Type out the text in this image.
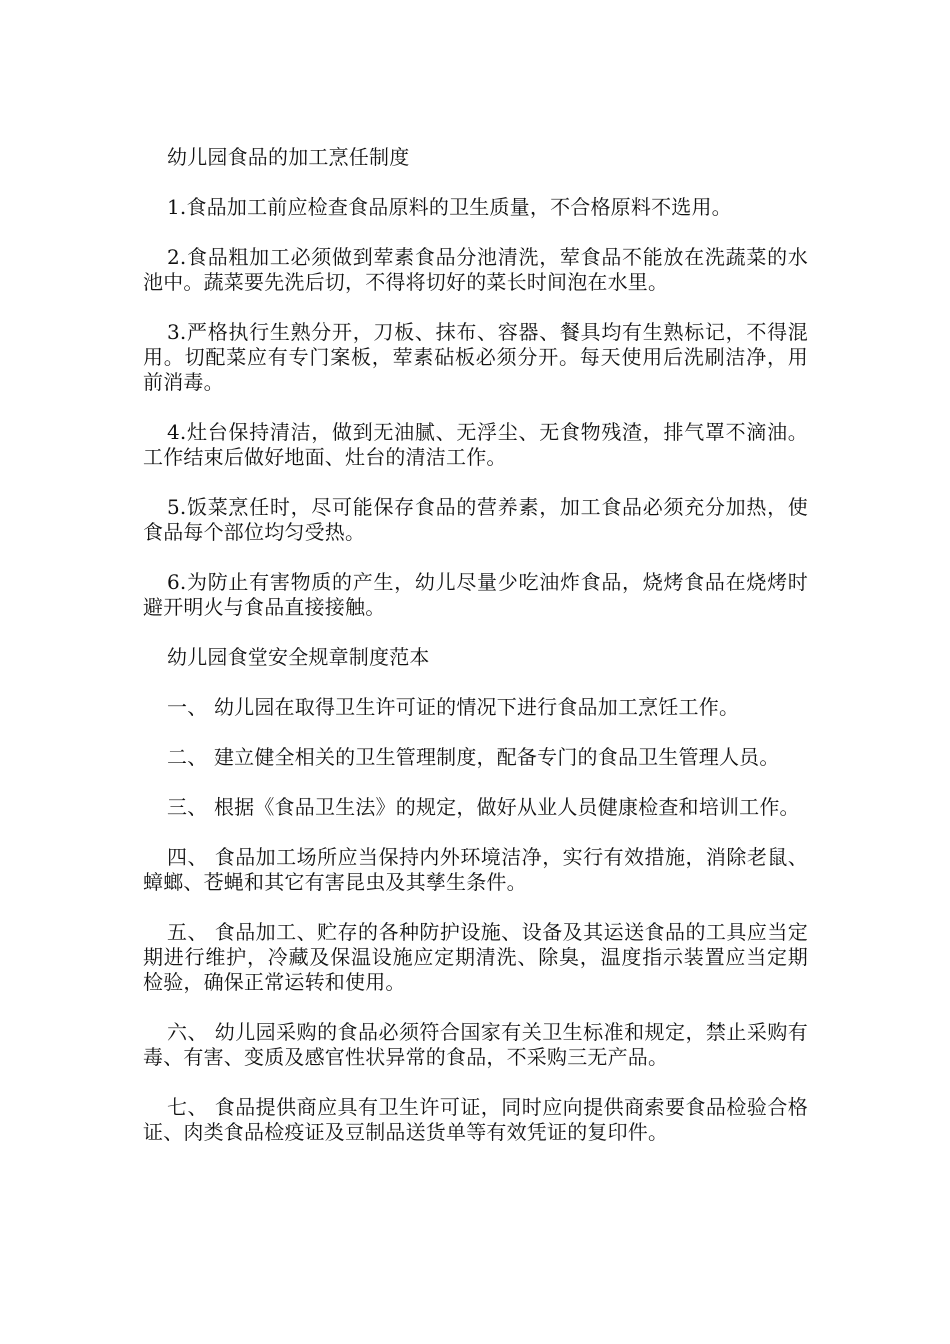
幼儿园食品的加工烹任制度

1.食品加工前应检查食品原料的卫生质量，不合格原料不选用。

2.食品粗加工必须做到荤素食品分池清洗，荤食品不能放在洗蔬菜的水池中。蔬菜要先洗后切，不得将切好的菜长时间泡在水里。

3.严格执行生熟分开，刀板、抹布、容器、餐具均有生熟标记，不得混用。切配菜应有专门案板，荤素砧板必须分开。每天使用后洗刷洁净，用前消毒。

4.灶台保持清洁，做到无油腻、无浮尘、无食物残渣，排气罩不滴油。工作结束后做好地面、灶台的清洁工作。

5.饭菜烹任时，尽可能保存食品的营养素，加工食品必须充分加热，使食品每个部位均匀受热。

6.为防止有害物质的产生，幼儿尽量少吃油炸食品，烧烤食品在烧烤时避开明火与食品直接接触。

幼儿园食堂安全规章制度范本

一、 幼儿园在取得卫生许可证的情况下进行食品加工烹饪工作。

二、 建立健全相关的卫生管理制度，配备专门的食品卫生管理人员。

三、 根据《食品卫生法》的规定，做好从业人员健康检查和培训工作。

四、 食品加工场所应当保持内外环境洁净，实行有效措施，消除老鼠、蟑螂、苍蝇和其它有害昆虫及其孳生条件。

五、 食品加工、贮存的各种防护设施、设备及其运送食品的工具应当定期进行维护，冷藏及保温设施应定期清洗、除臭，温度指示装置应当定期检验，确保正常运转和使用。

六、 幼儿园采购的食品必须符合国家有关卫生标准和规定，禁止采购有毒、有害、变质及感官性状异常的食品，不采购三无产品。

七、 食品提供商应具有卫生许可证，同时应向提供商索要食品检验合格证、肉类食品检疫证及豆制品送货单等有效凭证的复印件。
